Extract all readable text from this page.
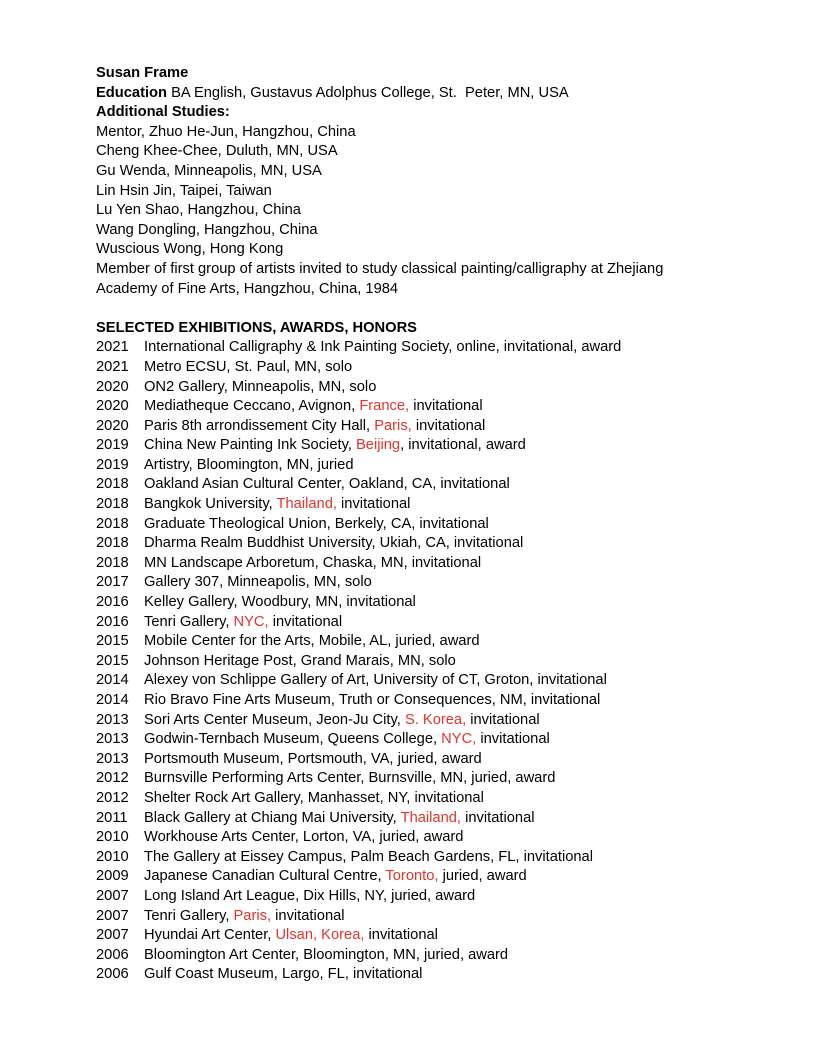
Susan Frame

Education BA English, Gustavus Adolphus College, St.  Peter, MN, USA

Additional Studies:

Mentor, Zhuo He-Jun, Hangzhou, China

Cheng Khee-Chee, Duluth, MN, USA

Gu Wenda, Minneapolis, MN, USA

Lin Hsin Jin, Taipei, Taiwan

Lu Yen Shao, Hangzhou, China

Wang Dongling, Hangzhou, China

Wuscious Wong, Hong Kong

Member of first group of artists invited to study classical painting/calligraphy at Zhejiang

Academy of Fine Arts, Hangzhou, China, 1984

SELECTED EXHIBITIONS, AWARDS, HONORS

2021 International Calligraphy & Ink Painting Society, online, invitational, award
2021 Metro ECSU, St. Paul, MN, solo
2020 ON2 Gallery, Minneapolis, MN, solo
2020 Mediatheque Ceccano, Avignon, France, invitational
2020 Paris 8th arrondissement City Hall, Paris, invitational
2019 China New Painting Ink Society, Beijing, invitational, award
2019 Artistry, Bloomington, MN, juried
2018 Oakland Asian Cultural Center, Oakland, CA, invitational
2018 Bangkok University, Thailand, invitational
2018 Graduate Theological Union, Berkely, CA, invitational
2018 Dharma Realm Buddhist University, Ukiah, CA, invitational
2018 MN Landscape Arboretum, Chaska, MN, invitational
2017 Gallery 307, Minneapolis, MN, solo
2016 Kelley Gallery, Woodbury, MN, invitational
2016 Tenri Gallery, NYC, invitational
2015 Mobile Center for the Arts, Mobile, AL, juried, award
2015 Johnson Heritage Post, Grand Marais, MN, solo
2014 Alexey von Schlippe Gallery of Art, University of CT, Groton, invitational
2014 Rio Bravo Fine Arts Museum, Truth or Consequences, NM, invitational
2013 Sori Arts Center Museum, Jeon-Ju City, S. Korea, invitational
2013 Godwin-Ternbach Museum, Queens College, NYC, invitational
2013 Portsmouth Museum, Portsmouth, VA, juried, award
2012 Burnsville Performing Arts Center, Burnsville, MN, juried, award
2012 Shelter Rock Art Gallery, Manhasset, NY, invitational
2011 Black Gallery at Chiang Mai University, Thailand, invitational
2010 Workhouse Arts Center, Lorton, VA, juried, award
2010 The Gallery at Eissey Campus, Palm Beach Gardens, FL, invitational
2009 Japanese Canadian Cultural Centre, Toronto, juried, award
2007 Long Island Art League, Dix Hills, NY, juried, award
2007 Tenri Gallery, Paris, invitational
2007 Hyundai Art Center, Ulsan, Korea, invitational
2006 Bloomington Art Center, Bloomington, MN, juried, award
2006 Gulf Coast Museum, Largo, FL, invitational
